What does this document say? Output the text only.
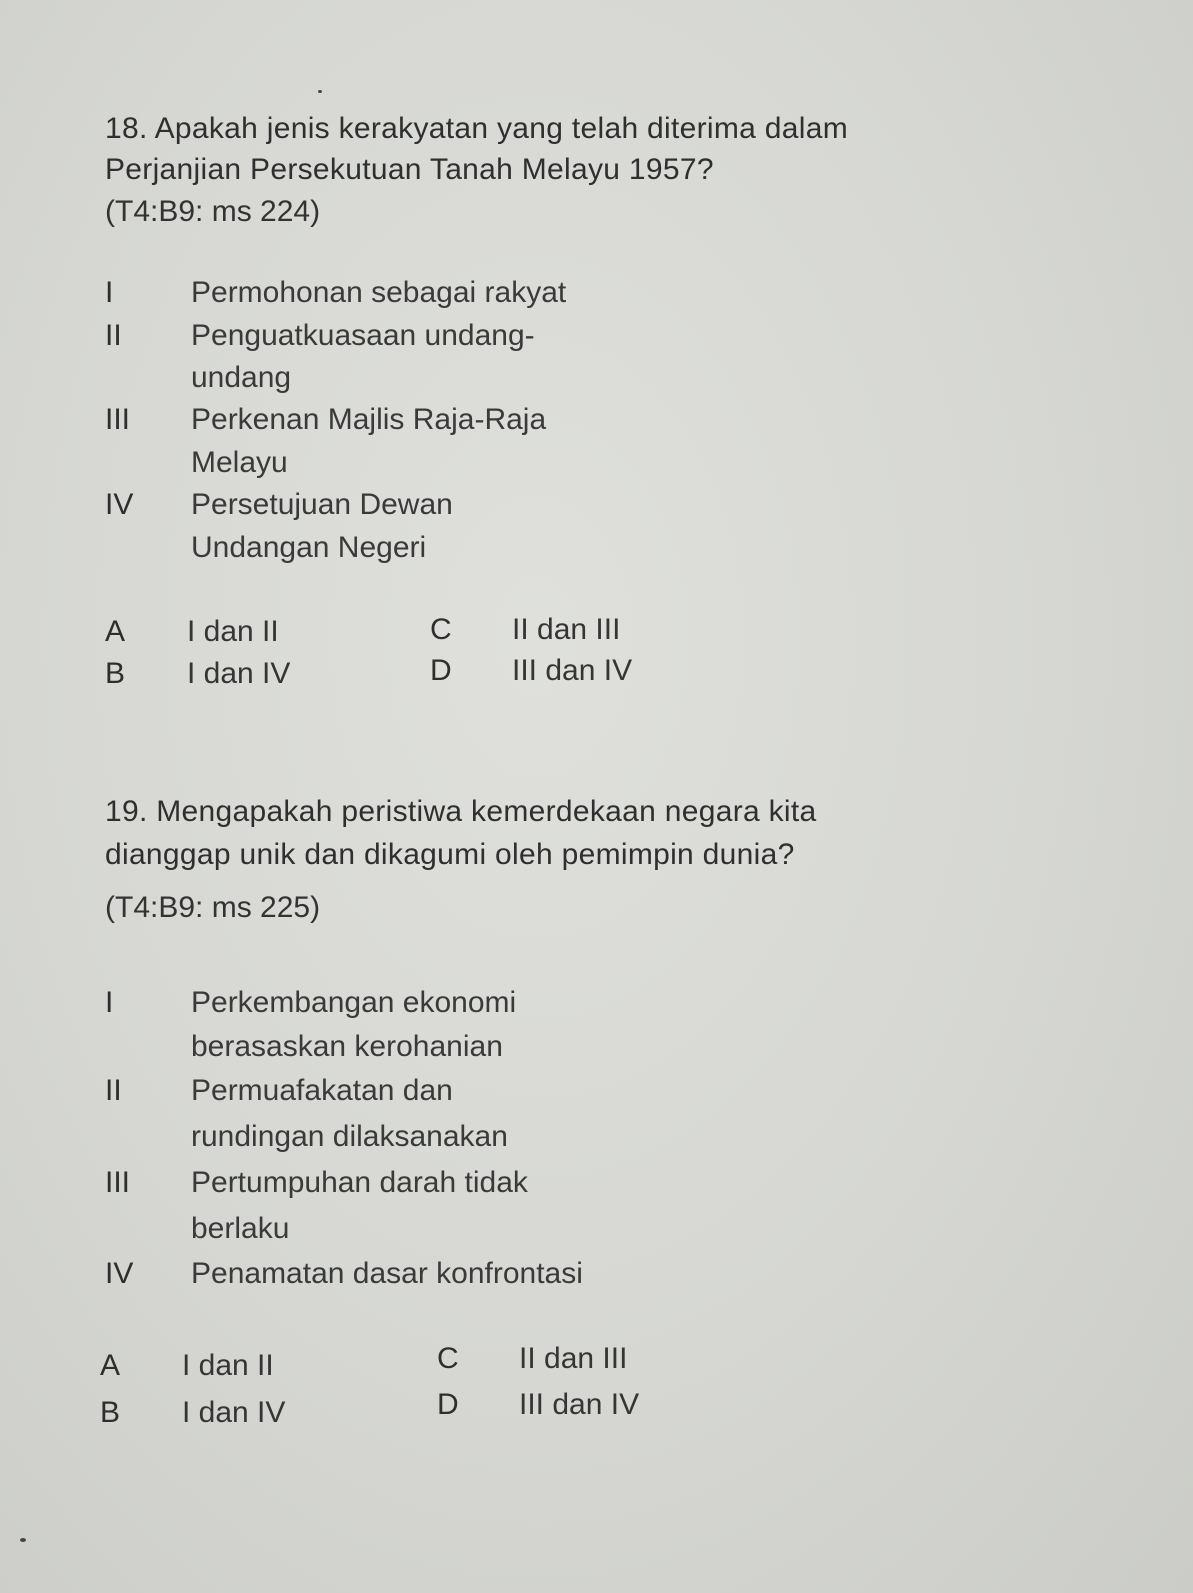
18. Apakah jenis kerakyatan yang telah diterima dalam
Perjanjian Persekutuan Tanah Melayu 1957?
(T4:B9: ms 224)
I	Permohonan sebagai rakyat
II	Penguatkuasaan undang-
undang
III	Perkenan Majlis Raja-Raja
Melayu
IV	Persetujuan Dewan
Undangan Negeri
A I dan II
B I dan IV
C II dan III
D III dan IV
19. Mengapakah peristiwa kemerdekaan negara kita
dianggap unik dan dikagumi oleh pemimpin dunia?
(T4:B9: ms 225)
I	Perkembangan ekonomi
berasaskan kerohanian
II	Permuafakatan dan
rundingan dilaksanakan
III	Pertumpuhan darah tidak
berlaku
IV	Penamatan dasar konfrontasi
A I dan II
B I dan IV
C II dan III
D III dan IV
